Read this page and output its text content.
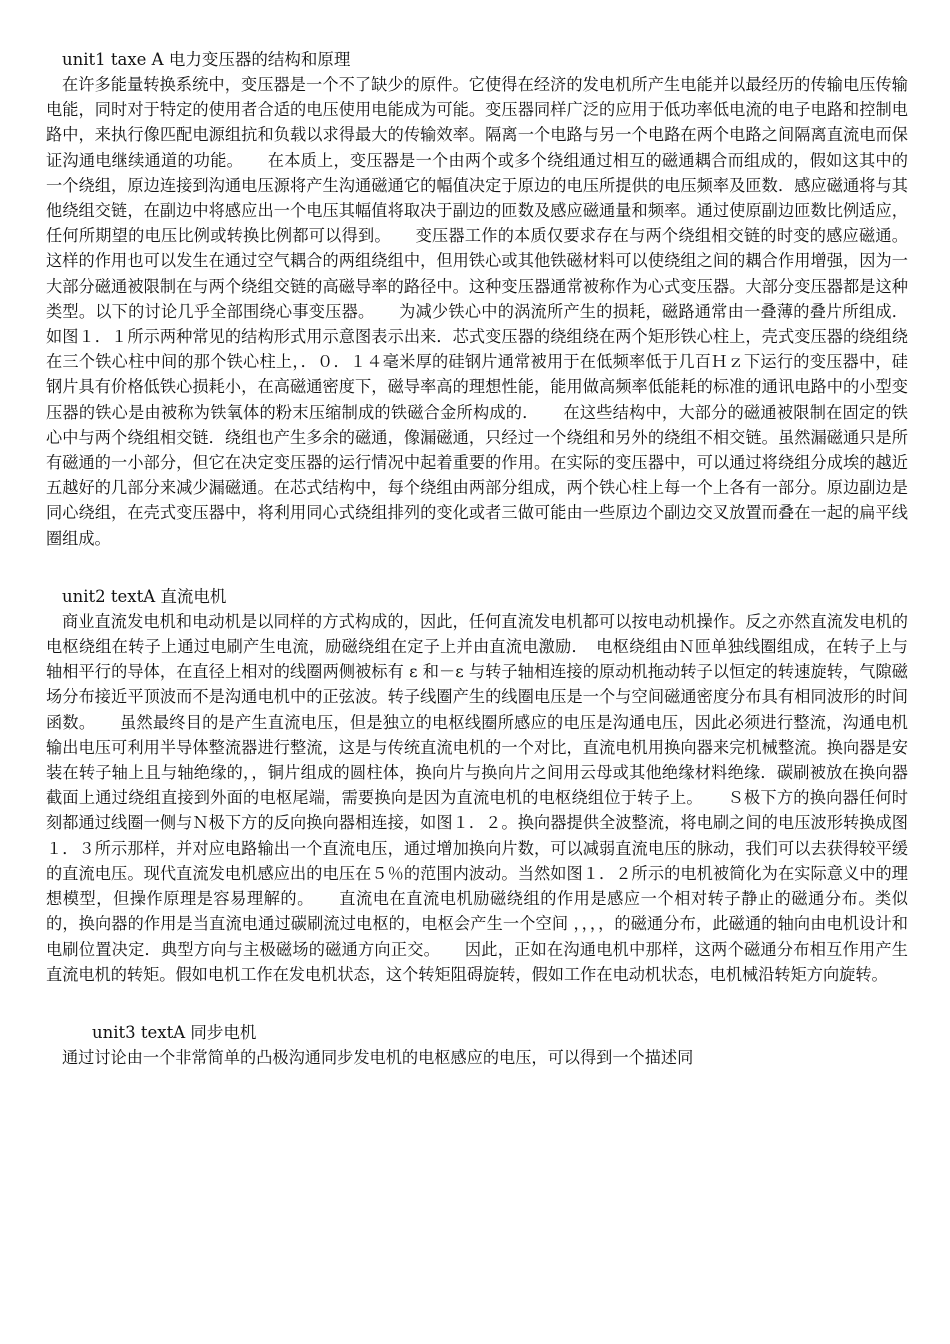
unit1 taxe A 电力变压器的结构和原理

在许多能量转换系统中，变压器是一个不了缺少的原件。它使得在经济的发电机所产生电能并以最经历的传输电压传输电能，同时对于特定的使用者合适的电压使用电能成为可能。变压器同样广泛的应用于低功率低电流的电子电路和控制电路中，来执行像匹配电源组抗和负载以求得最大的传输效率。隔离一个电路与另一个电路在两个电路之间隔离直流电而保证沟通电继续通道的功能。　　在本质上，变压器是一个由两个或多个绕组通过相互的磁通耦合而组成的，假如这其中的一个绕组，原边连接到沟通电压源将产生沟通磁通它的幅值决定于原边的电压所提供的电压频率及匝数．感应磁通将与其他绕组交链，在副边中将感应出一个电压其幅值将取决于副边的匝数及感应磁通量和频率。通过使原副边匝数比例适应，任何所期望的电压比例或转换比例都可以得到。　　变压器工作的本质仅要求存在与两个绕组相交链的时变的感应磁通。这样的作用也可以发生在通过空气耦合的两组绕组中，但用铁心或其他铁磁材料可以使绕组之间的耦合作用增强，因为一大部分磁通被限制在与两个绕组交链的高磁导率的路径中。这种变压器通常被称作为心式变压器。大部分变压器都是这种类型。以下的讨论几乎全部围绕心事变压器。　　为减少铁心中的涡流所产生的损耗，磁路通常由一叠薄的叠片所组成．如图１．１所示两种常见的结构形式用示意图表示出来．芯式变压器的绕组绕在两个矩形铁心柱上，壳式变压器的绕组绕在三个铁心柱中间的那个铁心柱上，．０．１４毫米厚的硅钢片通常被用于在低频率低于几百Ｈｚ下运行的变压器中，硅钢片具有价格低铁心损耗小，在高磁通密度下，磁导率高的理想性能，能用做高频率低能耗的标准的通讯电路中的小型变压器的铁心是由被称为铁氧体的粉末压缩制成的铁磁合金所构成的．　　在这些结构中，大部分的磁通被限制在固定的铁心中与两个绕组相交链．绕组也产生多余的磁通，像漏磁通，只经过一个绕组和另外的绕组不相交链。虽然漏磁通只是所有磁通的一小部分，但它在决定变压器的运行情况中起着重要的作用。在实际的变压器中，可以通过将绕组分成埃的越近五越好的几部分来减少漏磁通。在芯式结构中，每个绕组由两部分组成，两个铁心柱上每一个上各有一部分。原边副边是同心绕组，在壳式变压器中，将利用同心式绕组排列的变化或者三做可能由一些原边个副边交叉放置而叠在一起的扁平线圈组成。

unit2 textA 直流电机

商业直流发电机和电动机是以同样的方式构成的，因此，任何直流发电机都可以按电动机操作。反之亦然直流发电机的电枢绕组在转子上通过电刷产生电流，励磁绕组在定子上并由直流电激励．　电枢绕组由Ｎ匝单独线圈组成，在转子上与轴相平行的导体，在直径上相对的线圈两侧被标有 ε 和－ε 与转子轴相连接的原动机拖动转子以恒定的转速旋转，气隙磁场分布接近平顶波而不是沟通电机中的正弦波。转子线圈产生的线圈电压是一个与空间磁通密度分布具有相同波形的时间函数。　　虽然最终目的是产生直流电压，但是独立的电枢线圈所感应的电压是沟通电压，因此必须进行整流，沟通电机输出电压可利用半导体整流器进行整流，这是与传统直流电机的一个对比，直流电机用换向器来完机械整流。换向器是安装在转子轴上且与轴绝缘的，，铜片组成的圆柱体，换向片与换向片之间用云母或其他绝缘材料绝缘．碳刷被放在换向器截面上通过绕组直接到外面的电枢尾端，需要换向是因为直流电机的电枢绕组位于转子上。　　Ｓ极下方的换向器任何时刻都通过线圈一侧与Ｎ极下方的反向换向器相连接，如图１．２。换向器提供全波整流，将电刷之间的电压波形转换成图１．３所示那样，并对应电路输出一个直流电压，通过增加换向片数，可以减弱直流电压的脉动，我们可以去获得较平缓的直流电压。现代直流发电机感应出的电压在５％的范围内波动。当然如图１．２所示的电机被简化为在实际意义中的理想模型，但操作原理是容易理解的。　　直流电在直流电机励磁绕组的作用是感应一个相对转子静止的磁通分布。类似的，换向器的作用是当直流电通过碳刷流过电枢的，电枢会产生一个空间 ，，，，的磁通分布，此磁通的轴向由电机设计和电刷位置决定．典型方向与主极磁场的磁通方向正交。　　因此，正如在沟通电机中那样，这两个磁通分布相互作用产生直流电机的转矩。假如电机工作在发电机状态，这个转矩阻碍旋转，假如工作在电动机状态，电机械沿转矩方向旋转。

unit3 textA 同步电机

通过讨论由一个非常简单的凸极沟通同步发电机的电枢感应的电压，可以得到一个描述同
